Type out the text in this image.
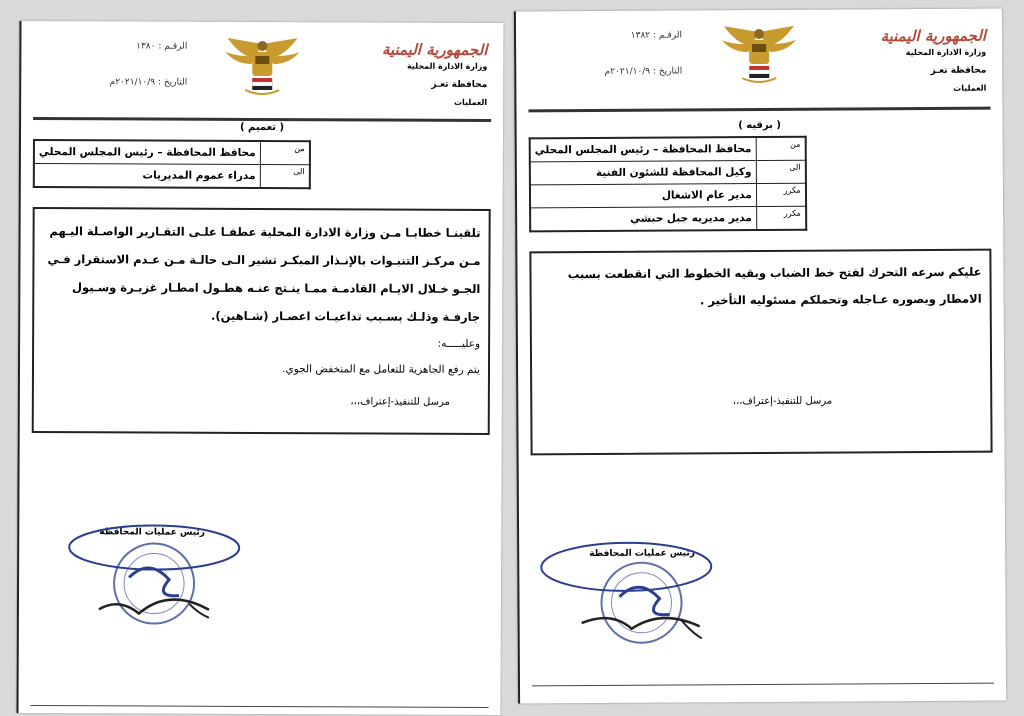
الجمهورية اليمنية
وزارة الادارة المحلية
محافظة تعـز
العمليات
الرقـم : ١٣٨٠
التاريخ : ٢٠٢١/١٠/٩م
( تعميم )
من	محافظ المحافظة – رئيس المجلس المحلي
الى	مدراء عموم المديريات

تلقينـا خطابـا مـن وزارة الادارة المحلية عطفـا علـى التقـارير الواصـلة اليـهم مـن مركـز التنبـوات بالإنـذار المبكـر تشير الـى حالـة مـن عـدم الاستقرار فـي الجـو خـلال الايـام القادمـة ممـا ينـتج عنـه هطـول امطـار غزيـرة وسـيول جارفـة وذلـك بسـبب تداعيـات اعصـار (شـاهين).

وعليـــــه:

يتم رفع الجاهزية للتعامل مع المنخفض الجوي.

مرسل للتنفيذ-إعتراف،،،

رئيس عمليات المحافظة
الجمهورية اليمنية
وزارة الادارة المحلية
محافظة تعـز
العمليات
الرقـم : ١٣٨٢
التاريخ : ٢٠٢١/١٠/٩م
( برقيه )
من	محافظ المحافظة – رئيس المجلس المحلي
الى	وكيل المحافظة للشئون الفنية
مكرر	مدير عام الاشغال
مكرر	مدير مديريه جبل حبشي

عليكم سرعه التحرك لفتح خط الضباب وبقيه الخطوط التي انقطعت بسبب الامطار وبصوره عـاجله وتحملكم مسئوليه التأخير .

مرسل للتنفيذ-إعتراف،،،

رئيس عمليات المحافظة
